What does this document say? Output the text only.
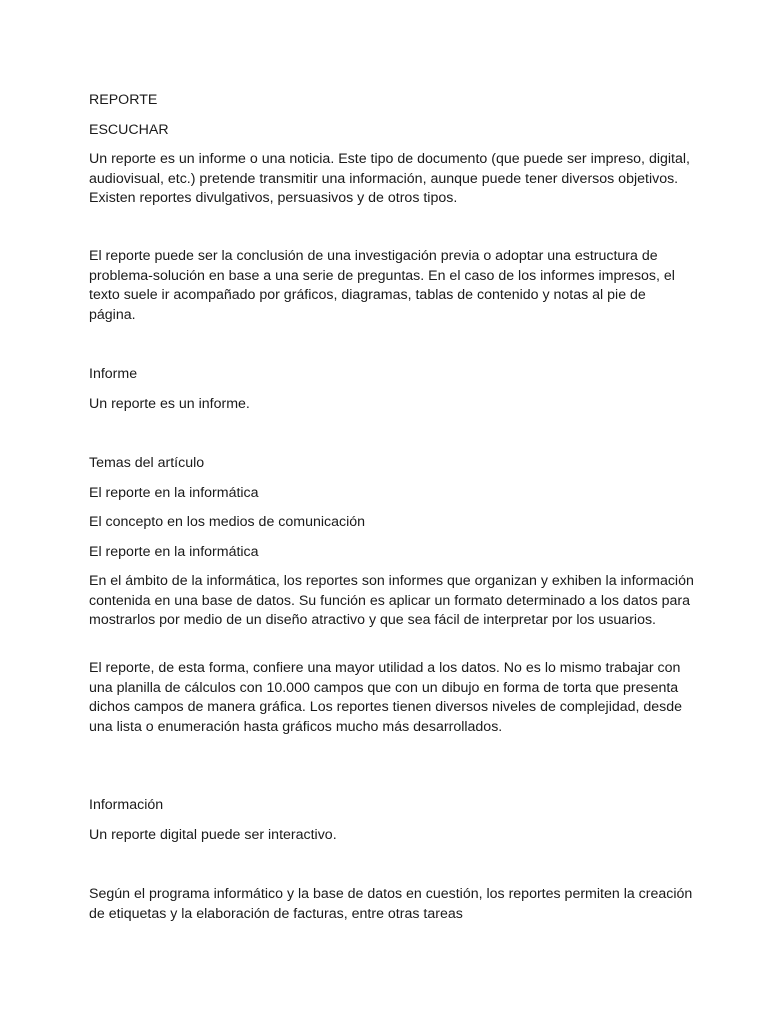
REPORTE

ESCUCHAR

Un reporte es un informe o una noticia. Este tipo de documento (que puede ser impreso, digital, audiovisual, etc.) pretende transmitir una información, aunque puede tener diversos objetivos. Existen reportes divulgativos, persuasivos y de otros tipos.

El reporte puede ser la conclusión de una investigación previa o adoptar una estructura de problema-solución en base a una serie de preguntas. En el caso de los informes impresos, el texto suele ir acompañado por gráficos, diagramas, tablas de contenido y notas al pie de página.

Informe

Un reporte es un informe.

Temas del artículo

El reporte en la informática

El concepto en los medios de comunicación

El reporte en la informática

En el ámbito de la informática, los reportes son informes que organizan y exhiben la información contenida en una base de datos. Su función es aplicar un formato determinado a los datos para mostrarlos por medio de un diseño atractivo y que sea fácil de interpretar por los usuarios.

El reporte, de esta forma, confiere una mayor utilidad a los datos. No es lo mismo trabajar con una planilla de cálculos con 10.000 campos que con un dibujo en forma de torta que presenta dichos campos de manera gráfica. Los reportes tienen diversos niveles de complejidad, desde una lista o enumeración hasta gráficos mucho más desarrollados.

Información

Un reporte digital puede ser interactivo.

Según el programa informático y la base de datos en cuestión, los reportes permiten la creación de etiquetas y la elaboración de facturas, entre otras tareas
